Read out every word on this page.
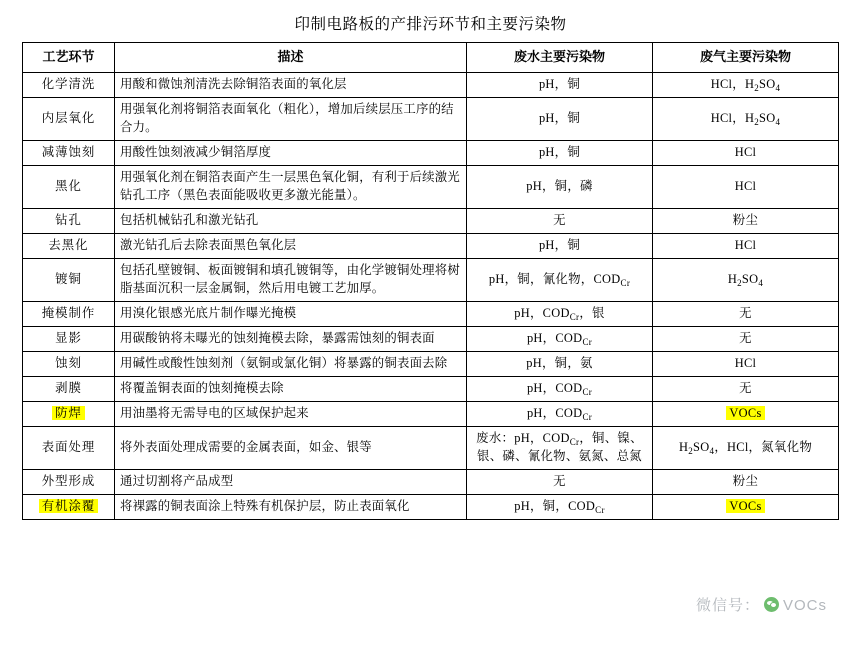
印制电路板的产排污环节和主要污染物
工艺环节	描述	废水主要污染物	废气主要污染物
化学清洗	用酸和微蚀剂清洗去除铜箔表面的氧化层	pH，铜	HCl，$H_2SO_4$
内层氧化	用强氧化剂将铜箔表面氧化（粗化），增加后续层压工序的结合力。	pH，铜	HCl，$H_2SO_4$
减薄蚀刻	用酸性蚀刻液减少铜箔厚度	pH，铜	HCl
黑化	用强氧化剂在铜箔表面产生一层黑色氧化铜，有利于后续激光钻孔工序（黑色表面能吸收更多激光能量）。	pH，铜，磷	HCl
钻孔	包括机械钻孔和激光钻孔	无	粉尘
去黑化	激光钻孔后去除表面黑色氧化层	pH，铜	HCl
镀铜	包括孔壁镀铜、板面镀铜和填孔镀铜等，由化学镀铜处理将树脂基面沉积一层金属铜，然后用电镀工艺加厚。	pH，铜，氰化物，$COD_{Cr}$	$H_2SO_4$
掩模制作	用溴化银感光底片制作曝光掩模	pH，$COD_{Cr}$，银	无
显影	用碳酸钠将未曝光的蚀刻掩模去除，暴露需蚀刻的铜表面	pH，$COD_{Cr}$	无
蚀刻	用碱性或酸性蚀刻剂（氨铜或氯化铜）将暴露的铜表面去除	pH，铜，氨	HCl
剥膜	将覆盖铜表面的蚀刻掩模去除	pH，$COD_{Cr}$	无
防焊	用油墨将无需导电的区域保护起来	pH，$COD_{Cr}$	VOCs
表面处理	将外表面处理成需要的金属表面，如金、银等	废水：pH，$COD_{Cr}$，铜、镍、银、磷、氰化物、氨氮、总氮	$H_2SO_4$，HCl，氮氧化物
外型形成	通过切割将产品成型	无	粉尘
有机涂覆	将裸露的铜表面涂上特殊有机保护层，防止表面氧化	pH，铜，$COD_{Cr}$	VOCs
微信号： VOCs
